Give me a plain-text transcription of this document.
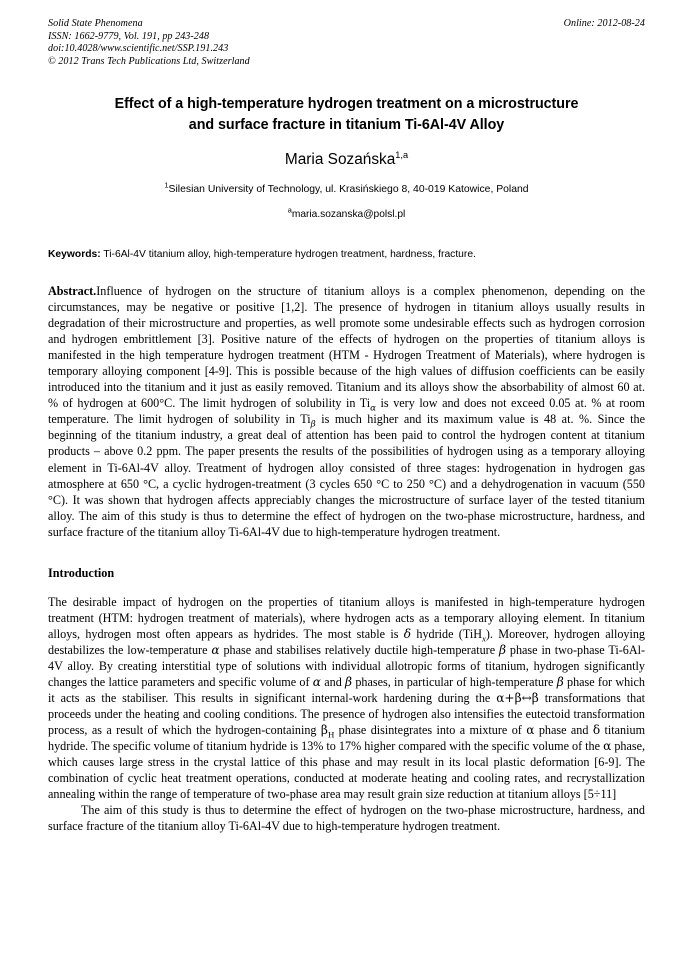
Online: 2012-08-24
Solid State Phenomena
ISSN: 1662-9779, Vol. 191, pp 243-248
doi:10.4028/www.scientific.net/SSP.191.243
© 2012 Trans Tech Publications Ltd, Switzerland
Effect of a high-temperature hydrogen treatment on a microstructure
and surface fracture in titanium Ti-6Al-4V Alloy
Maria Sozańska$^{1,a}$
$^1$Silesian University of Technology, ul. Krasińskiego 8, 40-019 Katowice, Poland
$^a$maria.sozanska@polsl.pl
Keywords: Ti-6Al-4V titanium alloy, high-temperature hydrogen treatment, hardness, fracture.
Abstract.Influence of hydrogen on the structure of titanium alloys is a complex phenomenon, depending on the circumstances, may be negative or positive [1,2]. The presence of hydrogen in titanium alloys usually results in degradation of their microstructure and properties, as well promote some undesirable effects such as hydrogen corrosion and hydrogen embrittlement [3]. Positive nature of the effects of hydrogen on the properties of titanium alloys is manifested in the high temperature hydrogen treatment (HTM - Hydrogen Treatment of Materials), where hydrogen is temporary alloying component [4-9]. This is possible because of the high values of diffusion coefficients can be easily introduced into the titanium and it just as easily removed. Titanium and its alloys show the absorbability of almost 60 at. % of hydrogen at 600°C. The limit hydrogen of solubility in $Ti_\alpha$ is very low and does not exceed 0.05 at. % at room temperature. The limit hydrogen of solubility in $Ti_\beta$ is much higher and its maximum value is 48 at. %. Since the beginning of the titanium industry, a great deal of attention has been paid to control the hydrogen content at titanium products – above 0.2 ppm. The paper presents the results of the possibilities of hydrogen using as a temporary alloying element in Ti-6Al-4V alloy. Treatment of hydrogen alloy consisted of three stages: hydrogenation in hydrogen gas atmosphere at 650 °C, a cyclic hydrogen-treatment (3 cycles 650 °C to 250 °C) and a dehydrogenation in vacuum (550 °C). It was shown that hydrogen affects appreciably changes the microstructure of surface layer of the tested titanium alloy. The aim of this study is thus to determine the effect of hydrogen on the two-phase microstructure, hardness, and surface fracture of the titanium alloy Ti-6Al-4V due to high-temperature hydrogen treatment.
Introduction
The desirable impact of hydrogen on the properties of titanium alloys is manifested in high-temperature hydrogen treatment (HTM: hydrogen treatment of materials), where hydrogen acts as a temporary alloying element. In titanium alloys, hydrogen most often appears as hydrides. The most stable is δ hydride (TiH$_x$). Moreover, hydrogen alloying destabilizes the low-temperature α phase and stabilises relatively ductile high-temperature β phase in two-phase Ti-6Al-4V alloy. By creating interstitial type of solutions with individual allotropic forms of titanium, hydrogen significantly changes the lattice parameters and specific volume of α and β phases, in particular of high-temperature β phase for which it acts as the stabiliser. This results in significant internal-work hardening during the α+β↔β transformations that proceeds under the heating and cooling conditions. The presence of hydrogen also intensifies the eutectoid transformation process, as a result of which the hydrogen-containing $\beta_H$ phase disintegrates into a mixture of α phase and δ titanium hydride. The specific volume of titanium hydride is 13% to 17% higher compared with the specific volume of the α phase, which causes large stress in the crystal lattice of this phase and may result in its local plastic deformation [6-9]. The combination of cyclic heat treatment operations, conducted at moderate heating and cooling rates, and recrystallization annealing within the range of temperature of two-phase area may result grain size reduction at titanium alloys [5÷11]
The aim of this study is thus to determine the effect of hydrogen on the two-phase microstructure, hardness, and surface fracture of the titanium alloy Ti-6Al-4V due to high-temperature hydrogen treatment.
